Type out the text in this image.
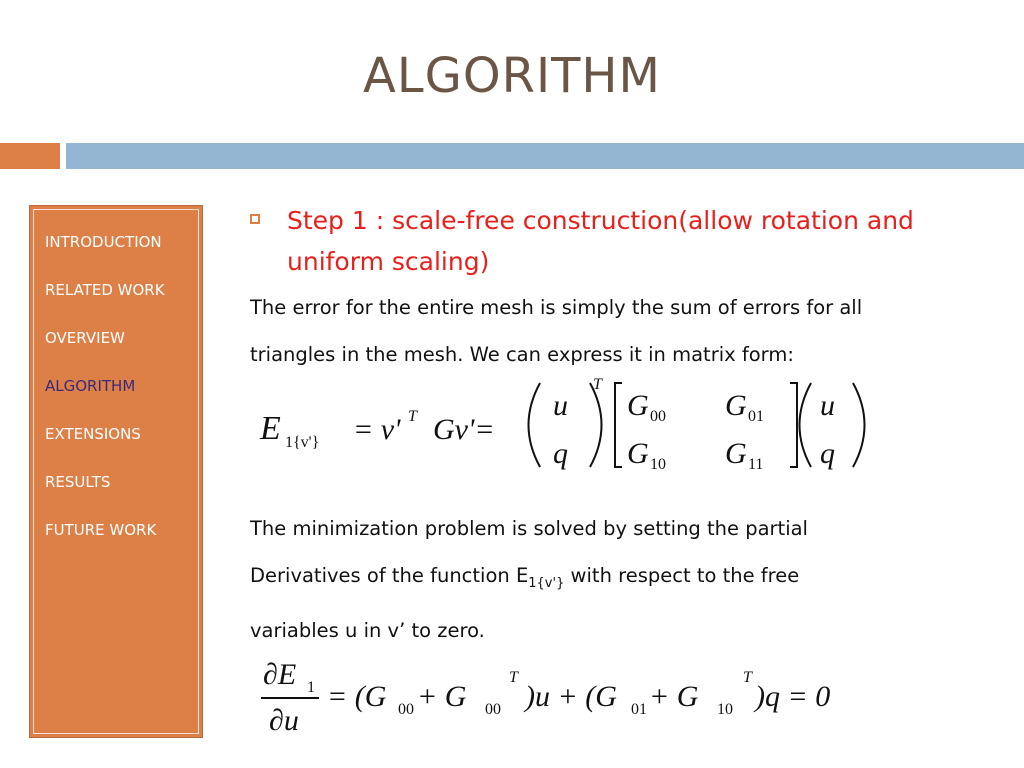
ALGORITHM
INTRODUCTION
RELATED WORK
OVERVIEW
ALGORITHM
EXTENSIONS
RESULTS
FUTURE WORK
Step 1 : scale-free construction(allow rotation and
uniform scaling)
The error for the entire mesh is simply the sum of errors for all
triangles in the mesh. We can express it in matrix form:
E 1{v'} = v' T Gv'=
u
q
T
G 00 G 01
G 10 G 11
u
q
The minimization problem is solved by setting the partial
Derivatives of the function $E_{1\{v'\}}$ with respect to the free
variables u in v’ to zero.
∂E 1
∂u
= (G 00 + G 00
T
)u + (G 01 + G 10
T
)q = 0
